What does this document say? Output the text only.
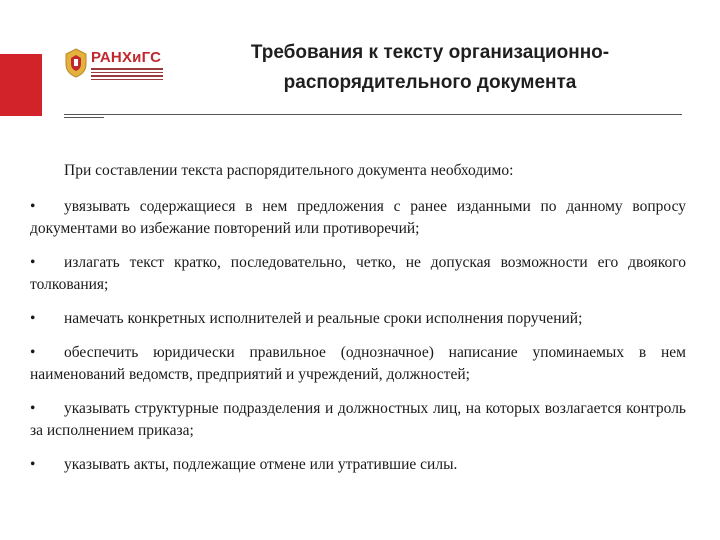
РАНХиГС	Требования к тексту организационно-
распорядительного документа
При составлении текста распорядительного документа необходимо:
• увязывать содержащиеся в нем предложения с ранее изданными по данному вопросу документами во избежание повторений или противоречий;
• излагать текст кратко, последовательно, четко, не допуская возможности его двоякого толкования;
• намечать конкретных исполнителей и реальные сроки исполнения поручений;
• обеспечить юридически правильное (однозначное) написание упоминаемых в нем наименований ведомств, предприятий и учреждений, должностей;
• указывать структурные подразделения и должностных лиц, на которых возлагается контроль за исполнением приказа;
• указывать акты, подлежащие отмене или утратившие силы.
